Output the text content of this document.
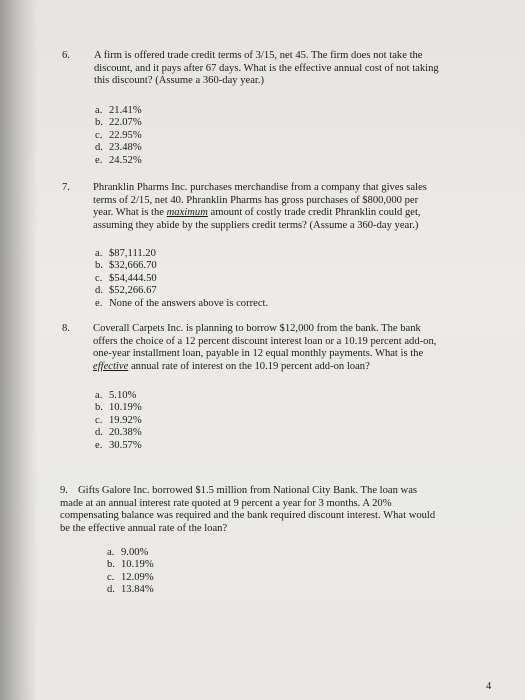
6. A firm is offered trade credit terms of 3/15, net 45. The firm does not take the
discount, and it pays after 67 days. What is the effective annual cost of not taking
this discount? (Assume a 360-day year.)
a. 21.41%
b. 22.07%
c. 22.95%
d. 23.48%
e. 24.52%
7. Phranklin Pharms Inc. purchases merchandise from a company that gives sales
terms of 2/15, net 40. Phranklin Pharms has gross purchases of $800,000 per
year. What is the maximum amount of costly trade credit Phranklin could get,
assuming they abide by the suppliers credit terms? (Assume a 360-day year.)
a. $87,111.20
b. $32,666.70
c. $54,444.50
d. $52,266.67
e. None of the answers above is correct.
8. Coverall Carpets Inc. is planning to borrow $12,000 from the bank. The bank
offers the choice of a 12 percent discount interest loan or a 10.19 percent add-on,
one-year installment loan, payable in 12 equal monthly payments. What is the
effective annual rate of interest on the 10.19 percent add-on loan?
a. 5.10%
b. 10.19%
c. 19.92%
d. 20.38%
e. 30.57%
9. Gifts Galore Inc. borrowed $1.5 million from National City Bank. The loan was
made at an annual interest rate quoted at 9 percent a year for 3 months. A 20%
compensating balance was required and the bank required discount interest. What would
be the effective annual rate of the loan?
a. 9.00%
b. 10.19%
c. 12.09%
d. 13.84%
4
